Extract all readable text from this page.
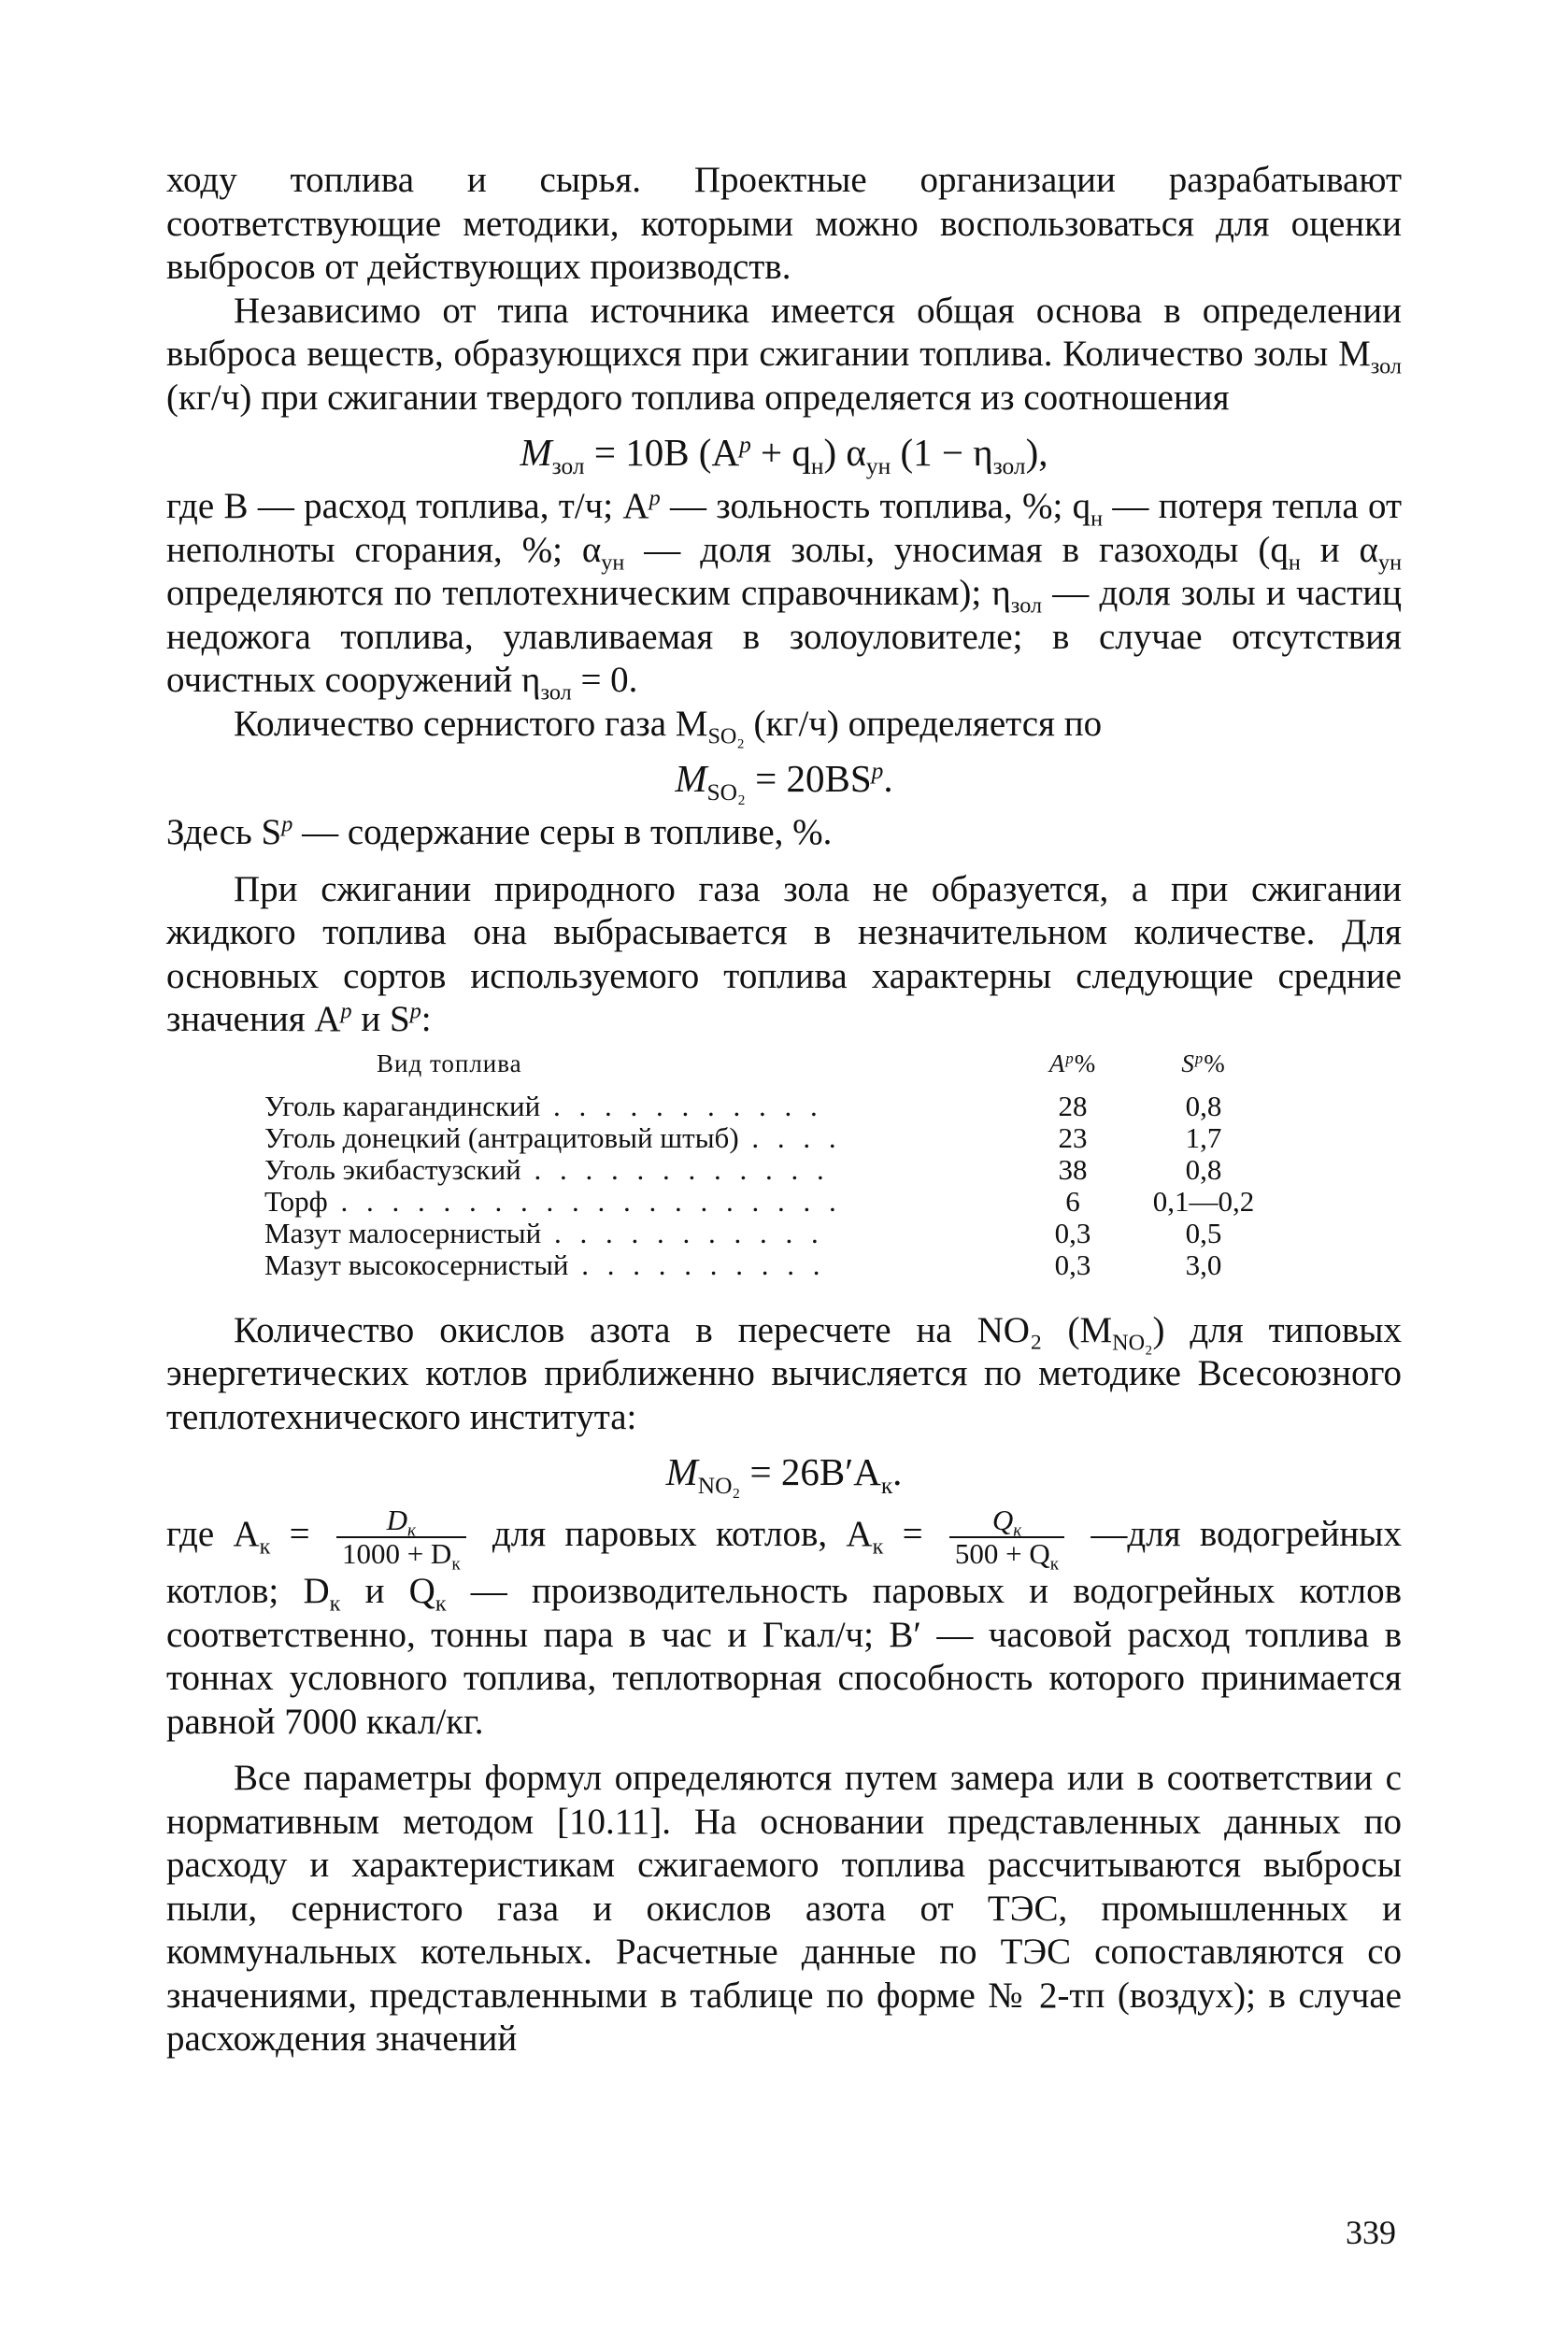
ходу топлива и сырья. Проектные организации разрабатывают соответствующие методики, которыми можно воспользоваться для оценки выбросов от действующих производств.

Независимо от типа источника имеется общая основа в определении выброса веществ, образующихся при сжигании топлива. Количество золы $М_{зол}$ (кг/ч) при сжигании твердого топлива определяется из соотношения

$M_{зол} = 10B$ $(A^p + q_н)$ $\alpha_{ун}$ $(1 - \eta_{зол})$,

где B — расход топлива, т/ч; $A^p$ — зольность топлива, %; $q_н$ — потеря тепла от неполноты сгорания, %; $\alpha_{ун}$ — доля золы, уносимая в газоходы ($q_н$ и $\alpha_{ун}$ определяются по теплотехническим справочникам); $\eta_{зол}$ — доля золы и частиц недожога топлива, улавливаемая в золоуловителе; в случае отсутствия очистных сооружений $\eta_{зол} = 0$.

Количество сернистого газа $M_{SO_2}$ (кг/ч) определяется по

$M_{SO_2} = 20BS^p$.

Здесь $S^p$ — содержание серы в топливе, %.

При сжигании природного газа зола не образуется, а при сжигании жидкого топлива она выбрасывается в незначительном количестве. Для основных сортов используемого топлива характерны следующие средние значения $A^p$ и $S^p$:

Вид топлива	$A^p\%$	$S^p\%$
Уголь карагандинский . . . . . . . . . . .	28	0,8
Уголь донецкий (антрацитовый штыб) . . . .	23	1,7
Уголь экибастузский . . . . . . . . . . . .	38	0,8
Торф . . . . . . . . . . . . . . . . . . . .	6	0,1—0,2
Мазут малосернистый . . . . . . . . . . .	0,3	0,5
Мазут высокосернистый . . . . . . . . . .	0,3	3,0

Количество окислов азота в пересчете на NO₂ $(M_{NO_2})$ для типовых энергетических котлов приближенно вычисляется по методике Всесоюзного теплотехнического института:

$M_{NO_2} = 26B'A_к$.

где $A_к = \frac{D_к}{1000 + D_к}$ для паровых котлов, $A_к = \frac{Q_к}{500 + Q_к}$ —для водогрейных котлов; $D_к$ и $Q_к$ — производительность паровых и водогрейных котлов соответственно, тонны пара в час и Гкал/ч; B′ — часовой расход топлива в тоннах условного топлива, теплотворная способность которого принимается равной 7000 ккал/кг.

Все параметры формул определяются путем замера или в соответствии с нормативным методом [10.11]. На основании представленных данных по расходу и характеристикам сжигаемого топлива рассчитываются выбросы пыли, сернистого газа и окислов азота от ТЭС, промышленных и коммунальных котельных. Расчетные данные по ТЭС сопоставляются со значениями, представленными в таблице по форме № 2-тп (воздух); в случае расхождения значений

339
